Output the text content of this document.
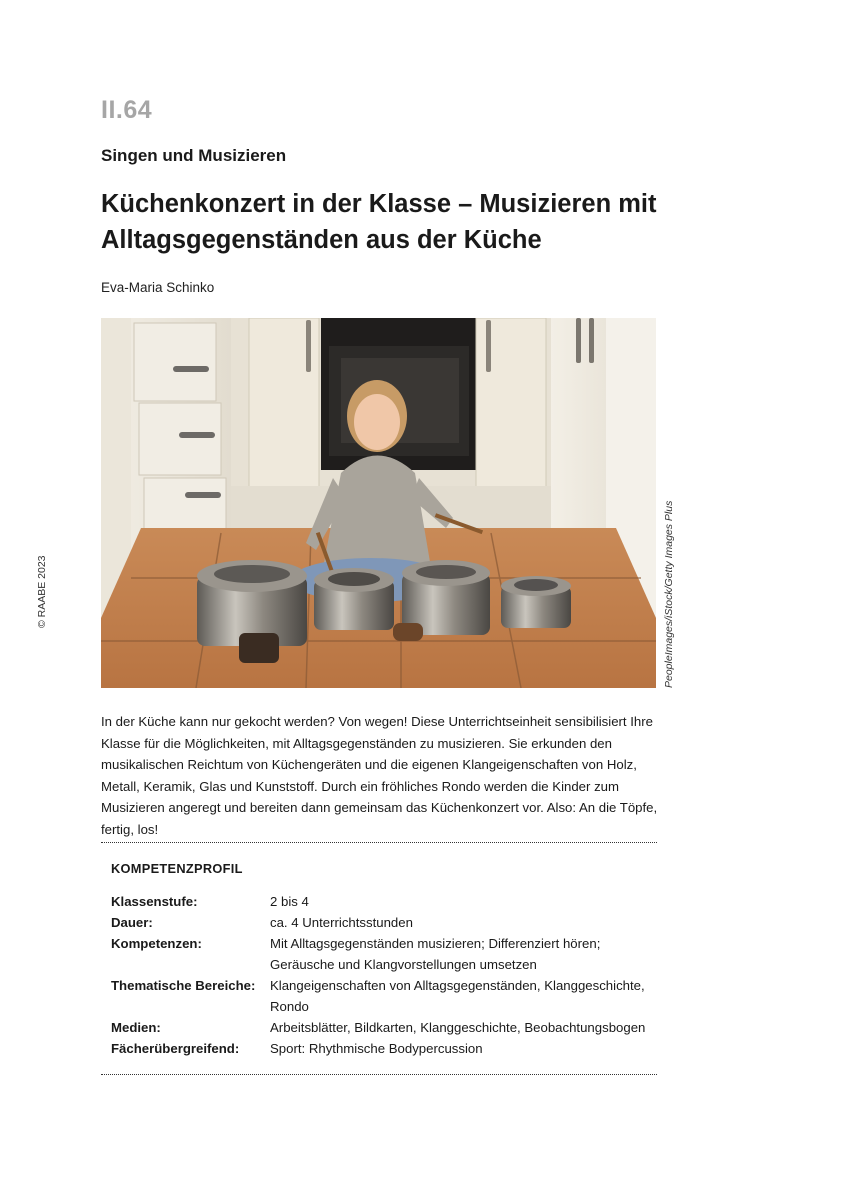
II.64
Singen und Musizieren
Küchenkonzert in der Klasse – Musizieren mit Alltagsgegenständen aus der Küche
Eva-Maria Schinko
PeopleImages/iStock/Getty Images Plus
© RAABE 2023

In der Küche kann nur gekocht werden? Von wegen! Diese Unterrichtseinheit sensibilisiert Ihre Klasse für die Möglichkeiten, mit Alltagsgegenständen zu musizieren. Sie erkunden den musikalischen Reichtum von Küchengeräten und die eigenen Klangeigenschaften von Holz, Metall, Keramik, Glas und Kunststoff. Durch ein fröhliches Rondo werden die Kinder zum Musizieren angeregt und bereiten dann gemeinsam das Küchenkonzert vor. Also: An die Töpfe, fertig, los!

KOMPETENZPROFIL
Klassenstufe:	2 bis 4
Dauer:	ca. 4 Unterrichtsstunden
Kompetenzen:	Mit Alltagsgegenständen musizieren; Differenziert hören; Geräusche und Klangvorstellungen umsetzen
Thematische Bereiche:	Klangeigenschaften von Alltagsgegenständen, Klanggeschichte, Rondo
Medien:	Arbeitsblätter, Bildkarten, Klanggeschichte, Beobachtungsbogen
Fächerübergreifend:	Sport: Rhythmische Bodypercussion
